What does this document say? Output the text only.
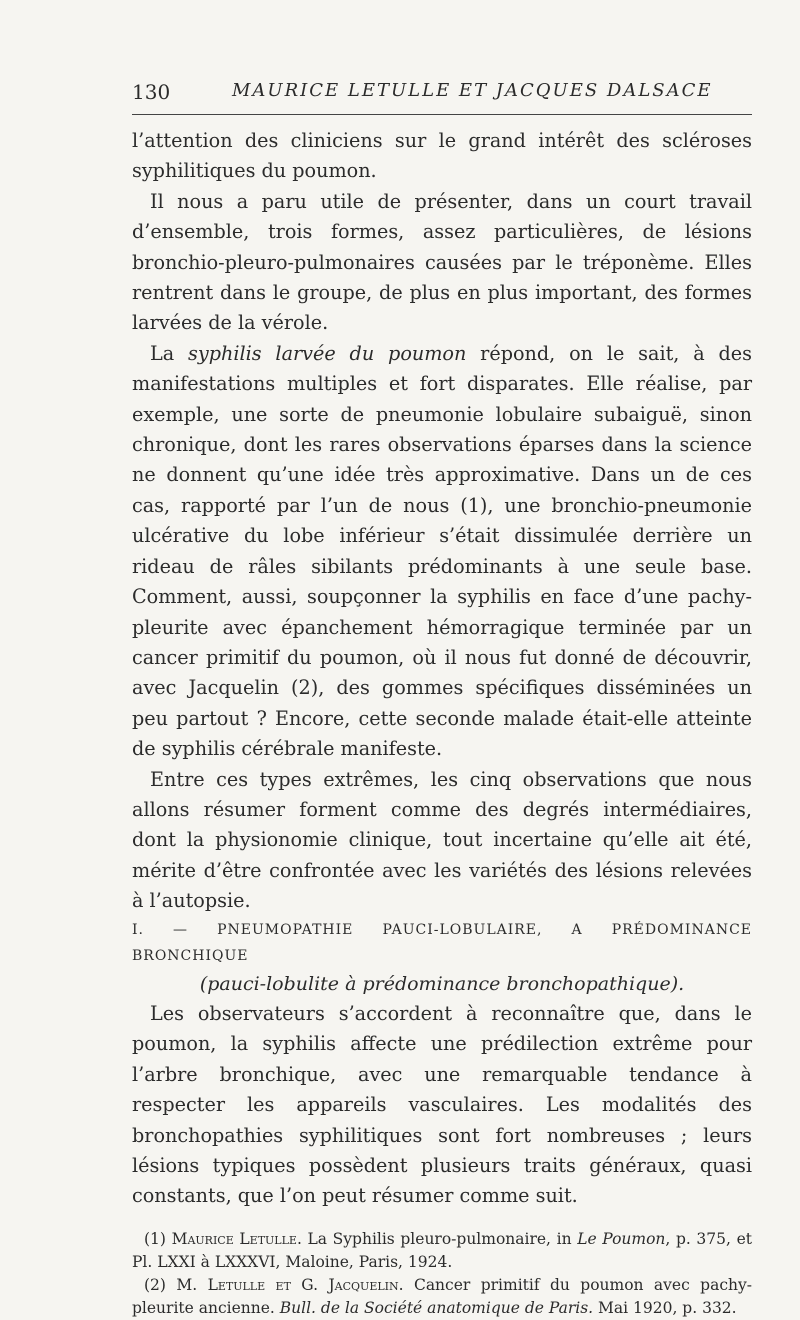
130	MAURICE LETULLE ET JACQUES DALSACE

l’attention des cliniciens sur le grand intérêt des scléroses syphilitiques du poumon.

Il nous a paru utile de présenter, dans un court travail d’ensemble, trois formes, assez particulières, de lésions bronchio-pleuro-pulmonaires causées par le tréponème. Elles rentrent dans le groupe, de plus en plus important, des formes larvées de la vérole.

La syphilis larvée du poumon répond, on le sait, à des manifestations multiples et fort disparates. Elle réalise, par exemple, une sorte de pneumonie lobulaire subaiguë, sinon chronique, dont les rares observations éparses dans la science ne donnent qu’une idée très approximative. Dans un de ces cas, rapporté par l’un de nous (1), une bronchio-pneumonie ulcérative du lobe inférieur s’était dissimulée derrière un rideau de râles sibilants prédominants à une seule base. Comment, aussi, soupçonner la syphilis en face d’une pachy-pleurite avec épanchement hémorragique terminée par un cancer primitif du poumon, où il nous fut donné de découvrir, avec Jacquelin (2), des gommes spécifiques disséminées un peu partout ? Encore, cette seconde malade était-elle atteinte de syphilis cérébrale manifeste.

Entre ces types extrêmes, les cinq observations que nous allons résumer forment comme des degrés intermédiaires, dont la physionomie clinique, tout incertaine qu’elle ait été, mérite d’être confrontée avec les variétés des lésions relevées à l’autopsie.

I. — PNEUMOPATHIE PAUCI-LOBULAIRE, A PRÉDOMINANCE BRONCHIQUE

(pauci-lobulite à prédominance bronchopathique).

Les observateurs s’accordent à reconnaître que, dans le poumon, la syphilis affecte une prédilection extrême pour l’arbre bronchique, avec une remarquable tendance à respecter les appareils vasculaires. Les modalités des bronchopathies syphilitiques sont fort nombreuses ; leurs lésions typiques possèdent plusieurs traits généraux, quasi constants, que l’on peut résumer comme suit.

(1) Maurice Letulle. La Syphilis pleuro-pulmonaire, in Le Poumon, p. 375, et Pl. LXXI à LXXXVI, Maloine, Paris, 1924.

(2) M. Letulle et G. Jacquelin. Cancer primitif du poumon avec pachy-pleurite ancienne. Bull. de la Société anatomique de Paris. Mai 1920, p. 332.
